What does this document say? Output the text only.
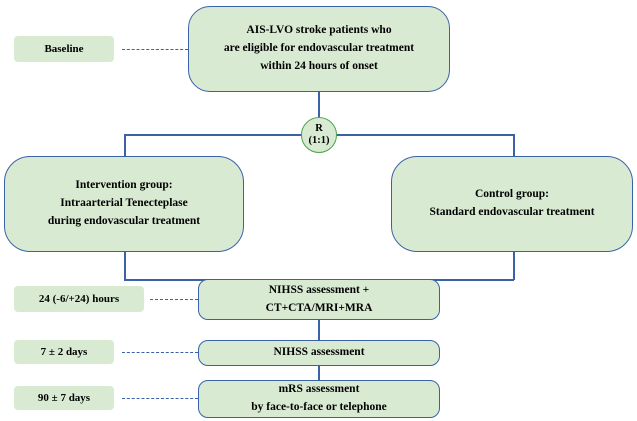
Baseline
AIS-LVO stroke patients who
are eligible for endovascular treatment
within 24 hours of onset
R
(1:1)
Intervention group:
Intraarterial Tenecteplase
during endovascular treatment
Control group:
Standard endovascular treatment
24 (-6/+24) hours
NIHSS assessment +
CT+CTA/MRI+MRA
7 ± 2 days	NIHSS assessment
90 ± 7 days
mRS assessment
by face-to-face or telephone
